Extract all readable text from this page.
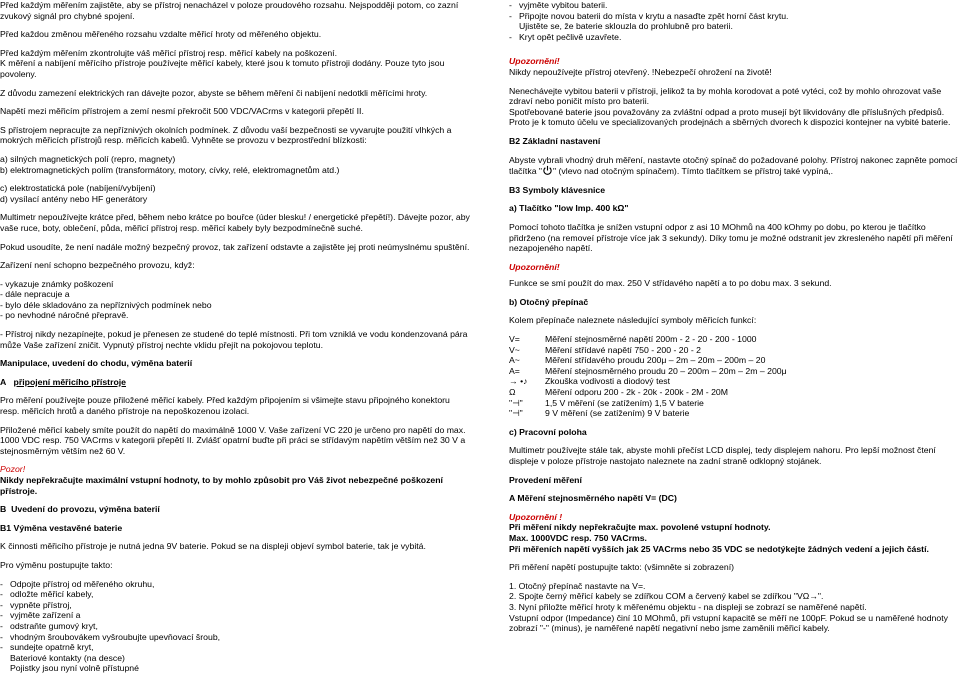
Před každým měřením zajistěte, aby se přístroj nenacházel v poloze proudového rozsahu. Nejspodději potom, co zazní zvukový signál pro chybné spojení.

Před každou změnou měřeného rozsahu vzdalte měřicí hroty od měřeného objektu.

Před každým měřením zkontrolujte váš měřicí přístroj resp. měřicí kabely na poškození.

K měření a nabíjení měřícího přístroje používejte měřicí kabely, které jsou k tomuto přístroji dodány. Pouze tyto jsou povoleny.

Z důvodu zamezení elektrických ran dávejte pozor, abyste se během měření či nabíjení nedotkli měřícími hroty.

Napětí mezi měřicím přístrojem a zemí nesmí překročit 500 VDC/VACrms v kategorii přepětí II.

S přístrojem nepracujte za nepříznivých okolních podmínek. Z důvodu vaší bezpečnosti se vyvarujte použití vlhkých a mokrých měřicích přístrojů resp. měřicích kabelů. Vyhněte se provozu v bezprostřední blízkosti:

a) silných magnetických polí (repro, magnety)
b) elektromagnetických polím (transformátory, motory, cívky, relé, elektromagnetům atd.)
c) elektrostatická pole (nabíjení/vybíjení)
d) vysílací antény nebo HF generátory

Multimetr nepoužívejte krátce před, během nebo krátce po bouřce (úder blesku! / energetické přepětí!). Dávejte pozor, aby vaše ruce, boty, oblečení, půda, měřicí přístroj resp. měřicí kabely byly bezpodmínečně suché.

Pokud usoudíte, že není nadále možný bezpečný provoz, tak zařízení odstavte a zajistěte jej proti neúmyslnému spuštění.

Zařízení není schopno bezpečného provozu, když:

- vykazuje známky poškození
- dále nepracuje a
- bylo déle skladováno za nepříznivých podmínek nebo
- po nevhodné náročné přepravě.

- Přístroj nikdy nezapínejte, pokud je přenesen ze studené do teplé místnosti. Při tom vzniklá ve vodu kondenzovaná pára může Vaše zařízení zničit. Vypnutý přístroj nechte vklidu přejít na pokojovou teplotu.

Manipulace, uvedení do chodu, výměna baterií

A připojení měřicího přístroje

Pro měření používejte pouze přiložené měřicí kabely. Před každým připojením si všimejte stavu připojného konektoru resp. měřicích hrotů a daného přístroje na nepoškozenou izolaci.

Přiložené měřicí kabely smíte použít do napětí do maximálně 1000 V. Vaše zařízení VC 220 je určeno pro napětí do max. 1000 VDC resp. 750 VACrms v kategorii přepětí II. Zvlášť opatrní buďte při práci se střídavým napětím větším než 30 V a stejnosměrným větším než 60 V.

Pozor!

Nikdy nepřekračujte maximální vstupní hodnoty, to by mohlo způsobit pro Váš život nebezpečné poškození přístroje.

B Uvedení do provozu, výměna baterií

B1 Výměna vestavěné baterie

K činnosti měřicího přístroje je nutná jedna 9V baterie. Pokud se na displeji objeví symbol baterie, tak je vybitá.

Pro výměnu postupujte takto:

- Odpojte přístroj od měřeného okruhu,
- odložte měřicí kabely,
- vypněte přístroj,
- vyjměte zařízení a
- odstraňte gumový kryt,
- vhodným šroubovákem vyšroubujte upevňovací šroub,
- sundejte opatrně kryt,
Bateriové kontakty (na desce)
Pojistky jsou nyní volně přístupné
- vyjměte vybitou baterii.
- Připojte novou baterii do místa v krytu a nasaďte zpět horní část krytu.
Ujistěte se, že baterie sklouzla do prohlubně pro baterii.
- Kryt opět pečlivě uzavřete.
Upozornění!

Nikdy nepoužívejte přístroj otevřený. !Nebezpečí ohrožení na životě!

Nenechávejte vybitou baterii v přístroji, jelikož ta by mohla korodovat a poté vytéci, což by mohlo ohrozovat vaše zdraví nebo poničit místo pro baterii.

Spotřebované baterie jsou považovány za zvláštní odpad a proto musejí být likvidovány dle příslušných předpisů. Proto je k tomuto účelu ve specializovaných prodejnách a sběrných dvorech k dispozici kontejner na vybité baterie.

B2 Základní nastavení

Abyste vybrali vhodný druh měření, nastavte otočný spínač do požadované polohy. Přístroj nakonec zapněte pomocí
tlačítka " " (vlevo nad otočným spínačem). Tímto tlačítkem se přístroj také vypíná,.

B3 Symboly klávesnice

a) Tlačítko "low Imp. 400 kΩ"

Pomocí tohoto tlačítka je snížen vstupní odpor z asi 10 MOhmů na 400 kOhmy po dobu, po kterou je tlačítko přidrženo (na removeí přístroje více jak 3 sekundy). Díky tomu je možné odstranit jev zkresleného napětí při měření nezapojeného napětí.

Upozornění!

Funkce se smí použít do max. 250 V střídavého napětí a to po dobu max. 3 sekund.

b) Otočný přepínač

Kolem přepínače naleznete následující symboly měřicích funkcí:

V=	Měření stejnosměrné napětí 200m - 2 - 20 - 200 - 1000
V~	Měření střídavé napětí 750 - 200 - 20 - 2
A~	Měření střídavého proudu 200μ – 2m – 20m – 200m – 20
A=	Měření stejnosměrného proudu 20 – 200m – 20m – 2m – 200μ
→ •♪	Zkouška vodivosti a diodový test
Ω	Měření odporu 200 - 2k - 20k - 200k - 2M - 20M
"⊣"	1,5 V měření (se zatížením) 1,5 V baterie
"⊣"	9 V měření (se zatížením) 9 V baterie

c) Pracovní poloha

Multimetr používejte stále tak, abyste mohli přečíst LCD displej, tedy displejem nahoru. Pro lepší možnost čtení displeje v poloze přístroje nastojato naleznete na zadní straně odklopný stojánek.

Provedení měření

A Měření stejnosměrného napětí V= (DC)

Upozornění !
Při měření nikdy nepřekračujte max. povolené vstupní hodnoty.
Max. 1000VDC resp. 750 VACrms.

Při měřeních napětí vyšších jak 25 VACrms nebo 35 VDC se nedotýkejte žádných vedení a jejich částí.

Při měření napětí postupujte takto: (všimněte si zobrazení)

1. Otočný přepínač nastavte na V=.
2. Spojte černý měřicí kabely se zdířkou COM a červený kabel se zdířkou "VΩ→".
3. Nyní přiložte měřicí hroty k měřenému objektu - na displeji se zobrazí se naměřené napětí.
Vstupní odpor (Impedance) činí 10 MOhmů, při vstupní kapacitě se měří ne 100pF. Pokud se u naměřené hodnoty zobrazí "-" (minus), je naměřené napětí negativní nebo jsme zaměnili měřicí kabely.
